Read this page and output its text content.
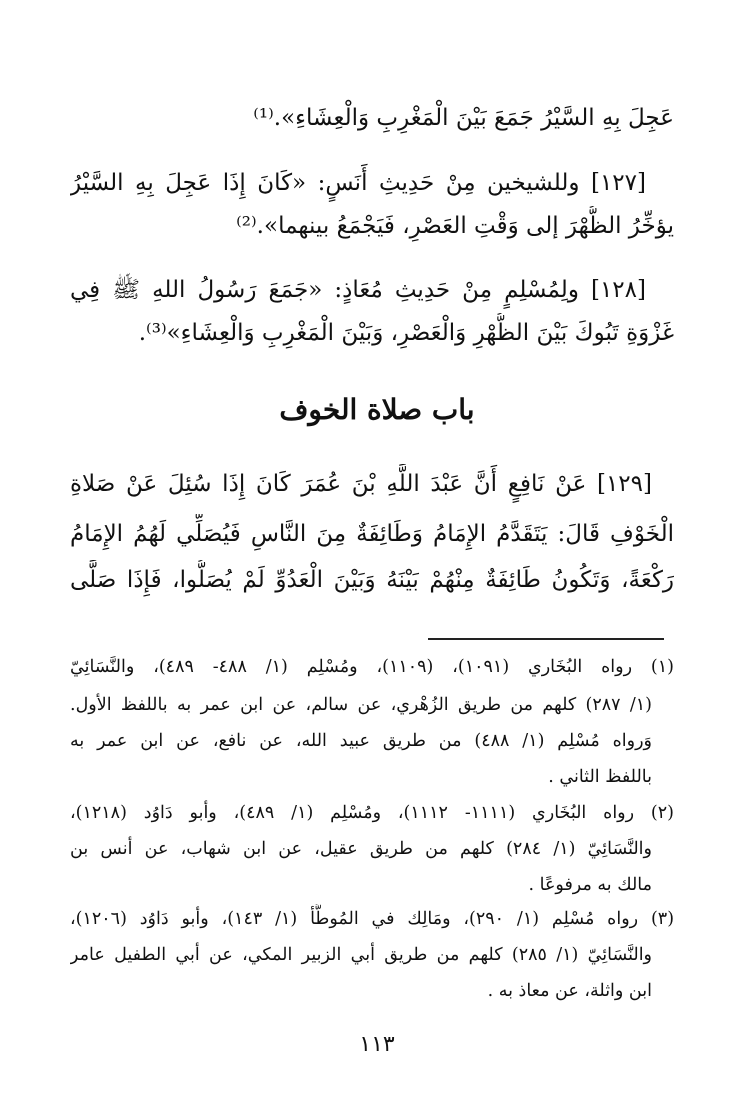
عَجِلَ بِهِ السَّيْرُ جَمَعَ بَيْنَ الْمَغْرِبِ وَالْعِشَاءِ».⁽¹⁾
[١٢٧] وللشيخين مِنْ حَدِيثِ أَنَسٍ: «كَانَ إِذَا عَجِلَ بِهِ السَّيْرُ
يؤخِّرُ الظُّهْرَ إلى وَقْتِ العَصْرِ، فَيَجْمَعُ بينهما».⁽²⁾
[١٢٨] ولِمُسْلِمٍ مِنْ حَدِيثِ مُعَاذٍ: «جَمَعَ رَسُولُ اللهِ ﷺ فِي
غَزْوَةِ تَبُوكَ بَيْنَ الظُّهْرِ وَالْعَصْرِ، وَبَيْنَ الْمَغْرِبِ وَالْعِشَاءِ»⁽³⁾.
باب صلاة الخوف
[١٢٩] عَنْ نَافِعٍ أَنَّ عَبْدَ اللَّهِ بْنَ عُمَرَ كَانَ إِذَا سُئِلَ عَنْ صَلاةِ
الْخَوْفِ قَالَ: يَتَقَدَّمُ الإِمَامُ وَطَائِفَةٌ مِنَ النَّاسِ فَيُصَلِّي لَهُمُ الإِمَامُ
رَكْعَةً، وَتَكُونُ طَائِفَةٌ مِنْهُمْ بَيْنَهُ وَبَيْنَ الْعَدُوِّ لَمْ يُصَلُّوا، فَإِذَا صَلَّى
(١) رواه البُخَاري (١٠٩١)، (١١٠٩)، ومُسْلِم (١/ ٤٨٨- ٤٨٩)، والنَّسَائِيّ
(١/ ٢٨٧) كلهم من طريق الزُهْري، عن سالم، عن ابن عمر به باللفظ الأول.
وَرواه مُسْلِم (١/ ٤٨٨) من طريق عبيد الله، عن نافع، عن ابن عمر به
باللفظ الثاني .
(٢) رواه البُخَاري (١١١١- ١١١٢)، ومُسْلِم (١/ ٤٨٩)، وأبو دَاوُد (١٢١٨)،
والنَّسَائِيّ (١/ ٢٨٤) كلهم من طريق عقيل، عن ابن شهاب، عن أنس بن
مالك به مرفوعًا .
(٣) رواه مُسْلِم (١/ ٢٩٠)، ومَالِك في المُوطَّأ (١/ ١٤٣)، وأبو دَاوُد (١٢٠٦)،
والنَّسَائِيّ (١/ ٢٨٥) كلهم من طريق أبي الزبير المكي، عن أبي الطفيل عامر
ابن واثلة، عن معاذ به .
١١٣
